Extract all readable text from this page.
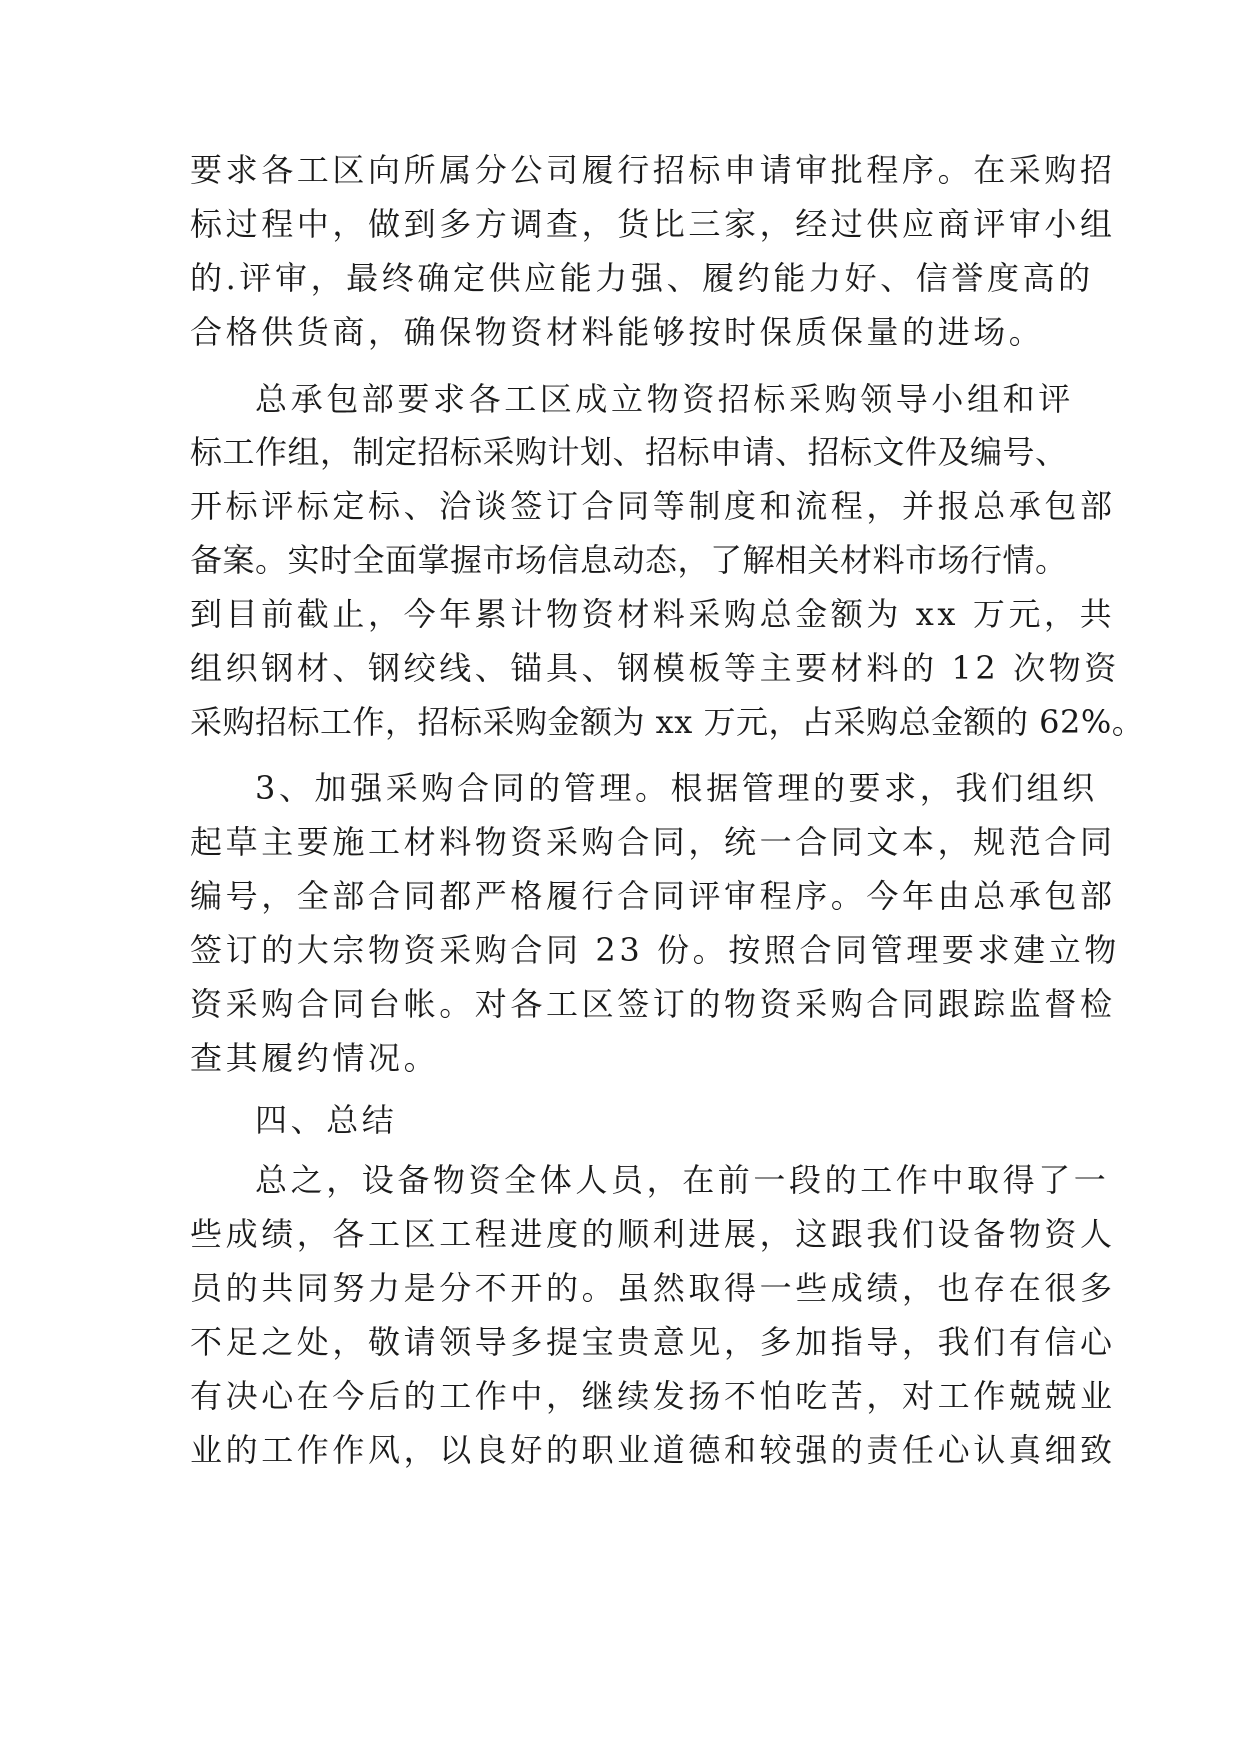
要求各工区向所属分公司履行招标申请审批程序。在采购招
标过程中，做到多方调查，货比三家，经过供应商评审小组
的.评审，最终确定供应能力强、履约能力好、信誉度高的
合格供货商，确保物资材料能够按时保质保量的进场。
总承包部要求各工区成立物资招标采购领导小组和评
标工作组，制定招标采购计划、招标申请、招标文件及编号、
开标评标定标、洽谈签订合同等制度和流程，并报总承包部
备案。实时全面掌握市场信息动态，了解相关材料市场行情。
到目前截止，今年累计物资材料采购总金额为 xx 万元，共
组织钢材、钢绞线、锚具、钢模板等主要材料的 12 次物资
采购招标工作，招标采购金额为 xx 万元，占采购总金额的 62%。
3、加强采购合同的管理。根据管理的要求，我们组织
起草主要施工材料物资采购合同，统一合同文本，规范合同
编号，全部合同都严格履行合同评审程序。今年由总承包部
签订的大宗物资采购合同 23 份。按照合同管理要求建立物
资采购合同台帐。对各工区签订的物资采购合同跟踪监督检
查其履约情况。
四、总结
总之，设备物资全体人员，在前一段的工作中取得了一
些成绩，各工区工程进度的顺利进展，这跟我们设备物资人
员的共同努力是分不开的。虽然取得一些成绩，也存在很多
不足之处，敬请领导多提宝贵意见，多加指导，我们有信心
有决心在今后的工作中，继续发扬不怕吃苦，对工作兢兢业
业的工作作风，以良好的职业道德和较强的责任心认真细致
